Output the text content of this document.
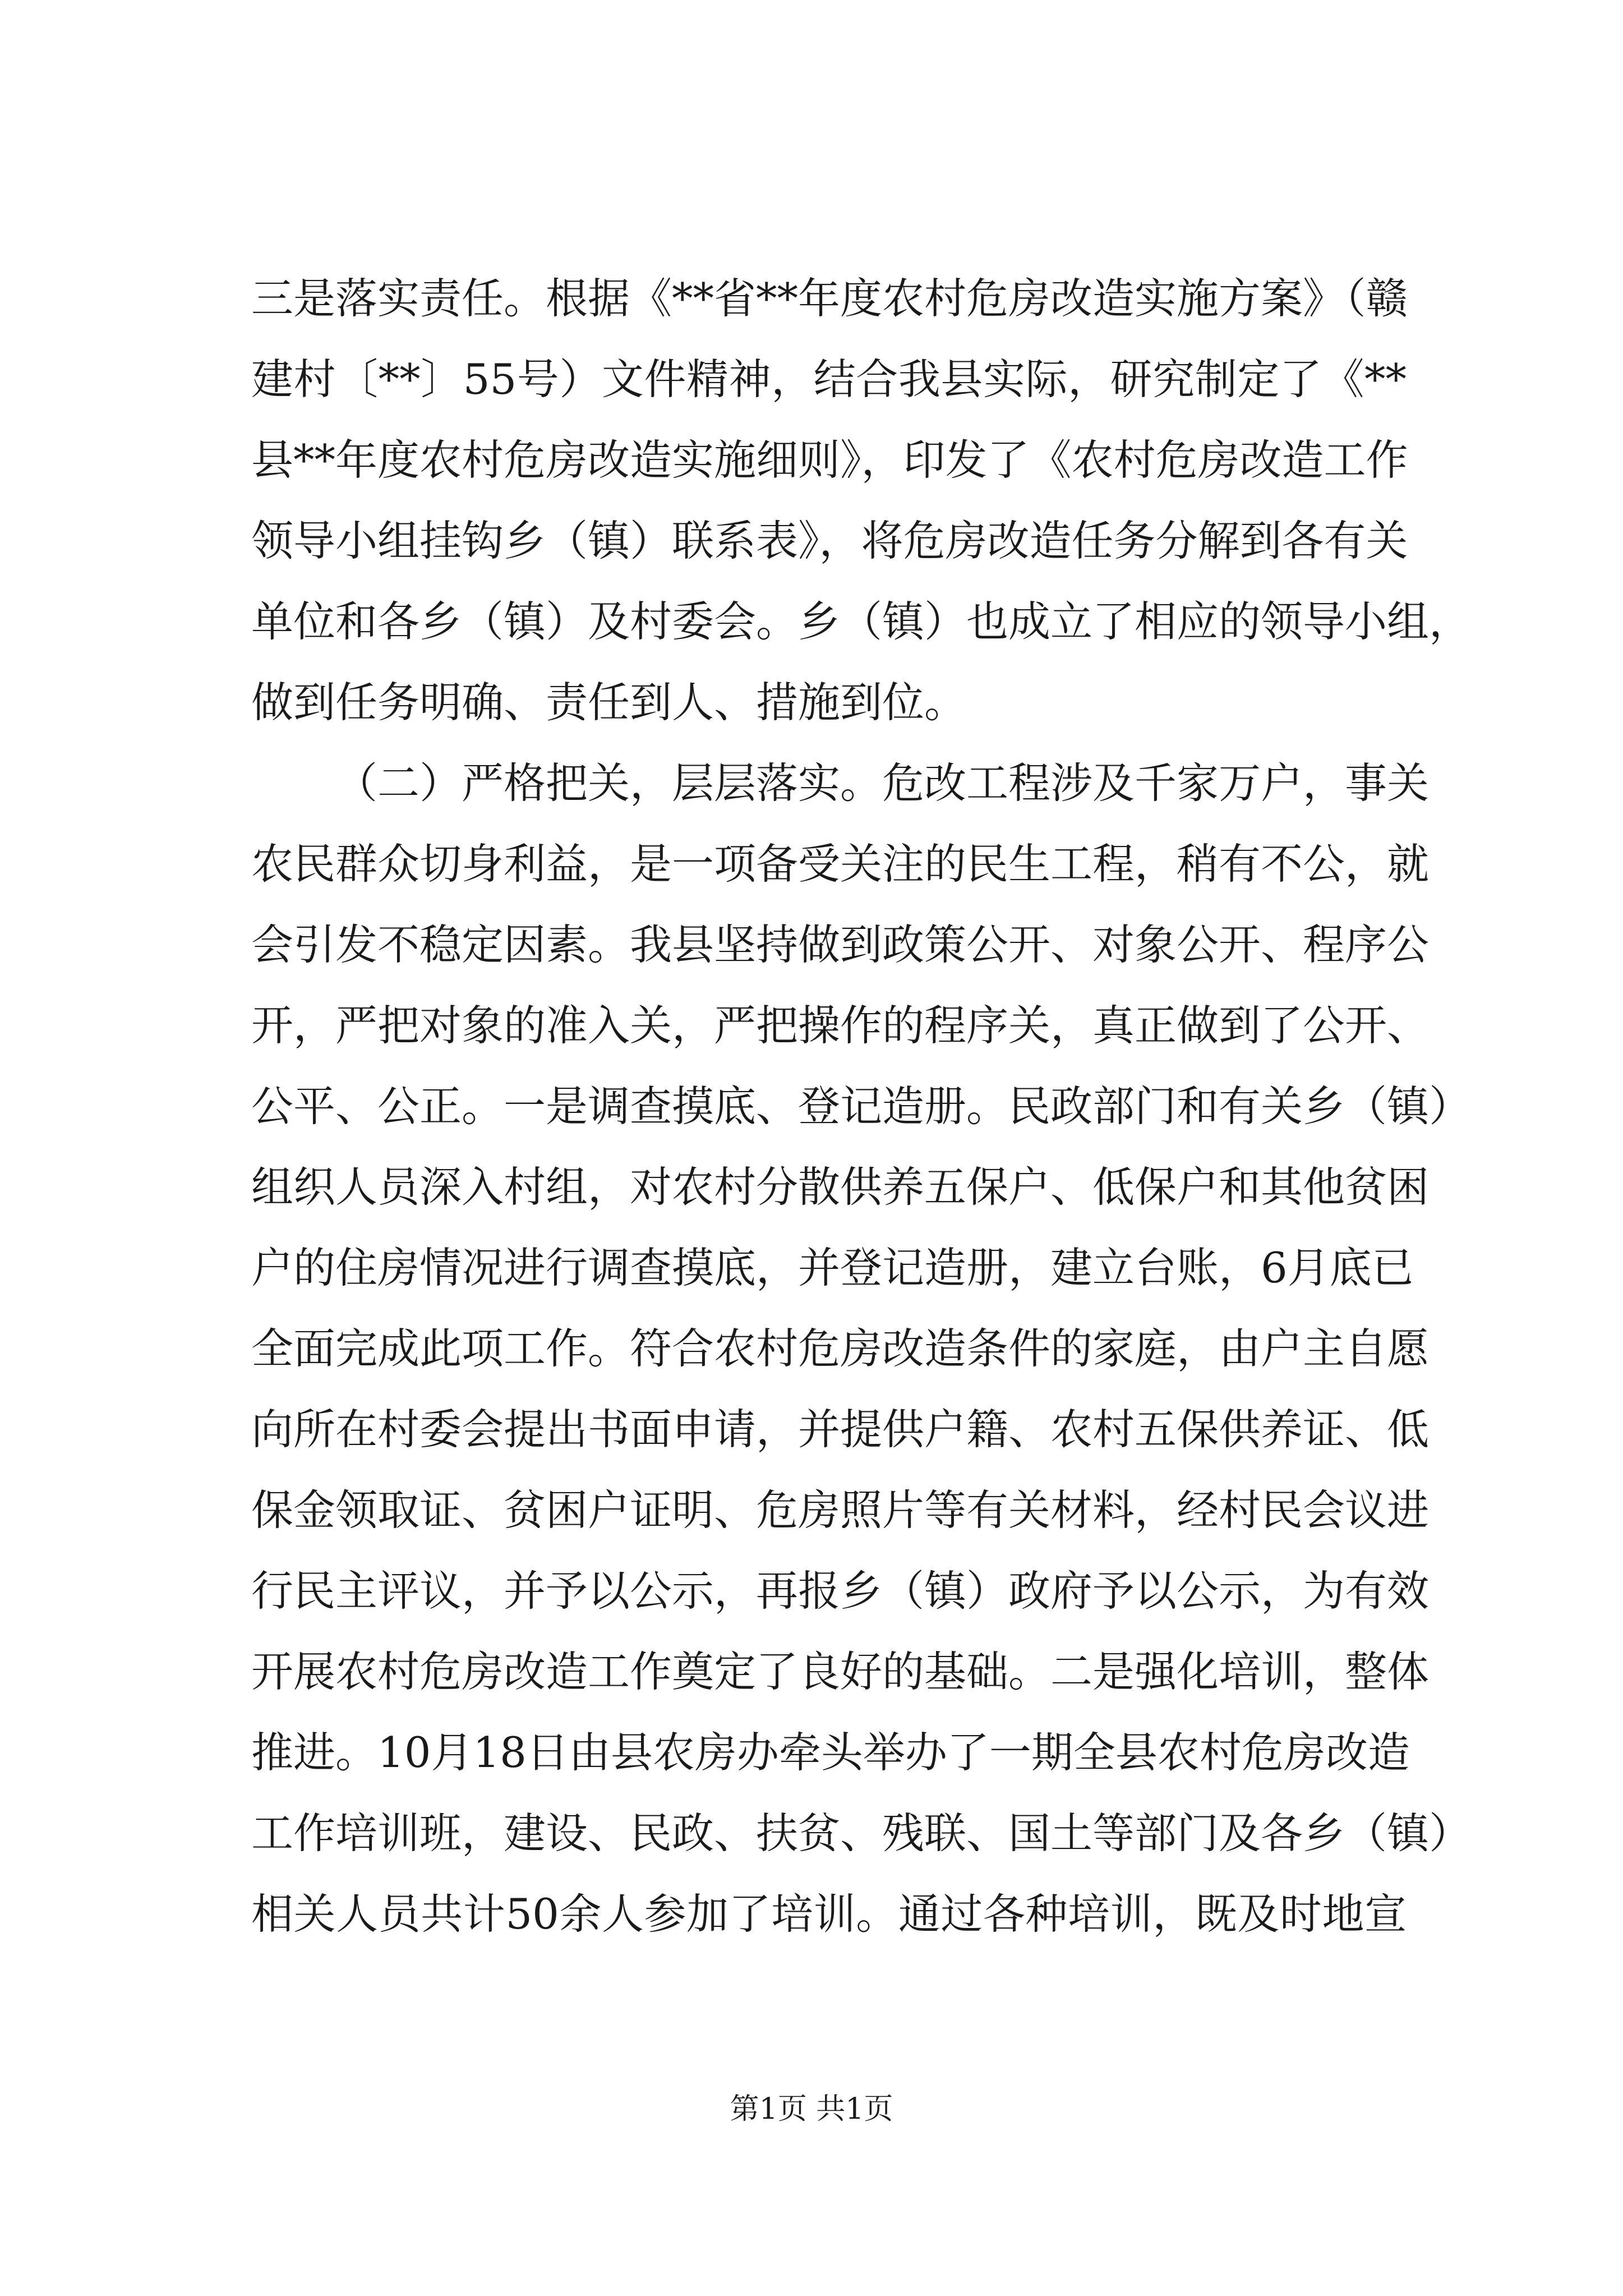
三是落实责任。根据《**省**年度农村危房改造实施方案》（赣
建村〔**〕55号）文件精神，结合我县实际，研究制定了《**
县**年度农村危房改造实施细则》，印发了《农村危房改造工作
领导小组挂钩乡（镇）联系表》，将危房改造任务分解到各有关
单位和各乡（镇）及村委会。乡（镇）也成立了相应的领导小组，
做到任务明确、责任到人、措施到位。
（二）严格把关，层层落实。危改工程涉及千家万户，事关
农民群众切身利益，是一项备受关注的民生工程，稍有不公，就
会引发不稳定因素。我县坚持做到政策公开、对象公开、程序公
开，严把对象的准入关，严把操作的程序关，真正做到了公开、
公平、公正。一是调查摸底、登记造册。民政部门和有关乡（镇）
组织人员深入村组，对农村分散供养五保户、低保户和其他贫困
户的住房情况进行调查摸底，并登记造册，建立台账，6月底已
全面完成此项工作。符合农村危房改造条件的家庭，由户主自愿
向所在村委会提出书面申请，并提供户籍、农村五保供养证、低
保金领取证、贫困户证明、危房照片等有关材料，经村民会议进
行民主评议，并予以公示，再报乡（镇）政府予以公示，为有效
开展农村危房改造工作奠定了良好的基础。二是强化培训，整体
推进。10月18日由县农房办牵头举办了一期全县农村危房改造
工作培训班，建设、民政、扶贫、残联、国土等部门及各乡（镇）
相关人员共计50余人参加了培训。通过各种培训，既及时地宣
第1页 共1页
